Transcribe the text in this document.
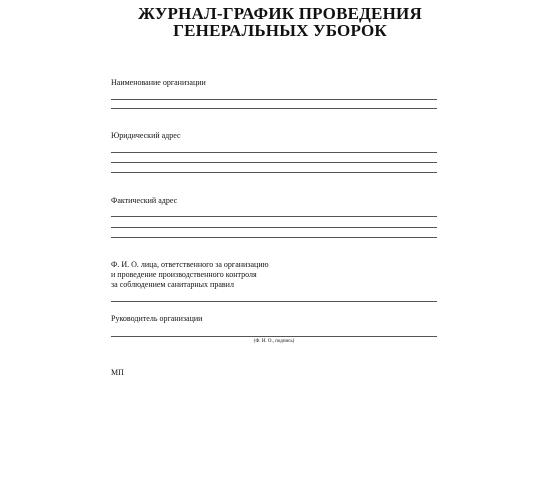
ЖУРНАЛ-ГРАФИК ПРОВЕДЕНИЯ
ГЕНЕРАЛЬНЫХ УБОРОК
Наименование организации
Юридический адрес
Фактический адрес
Ф. И. О. лица, ответственного за организацию
и проведение производственного контроля
за соблюдением санитарных правил
Руководитель организации
(Ф. И. О., подпись)
МП
